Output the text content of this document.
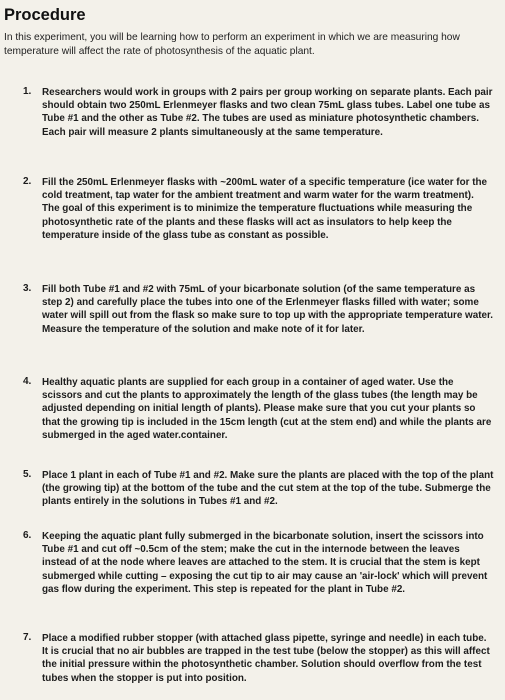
Procedure
In this experiment, you will be learning how to perform an experiment in which we are measuring how temperature will affect the rate of photosynthesis of the aquatic plant.
1.	Researchers would work in groups with 2 pairs per group working on separate plants. Each pair should obtain two 250mL Erlenmeyer flasks and two clean 75mL glass tubes. Label one tube as Tube #1 and the other as Tube #2. The tubes are used as miniature photosynthetic chambers. Each pair will measure 2 plants simultaneously at the same temperature.
2.	Fill the 250mL Erlenmeyer flasks with ~200mL water of a specific temperature (ice water for the cold treatment, tap water for the ambient treatment and warm water for the warm treatment). The goal of this experiment is to minimize the temperature fluctuations while measuring the photosynthetic rate of the plants and these flasks will act as insulators to help keep the temperature inside of the glass tube as constant as possible.
3.	Fill both Tube #1 and #2 with 75mL of your bicarbonate solution (of the same temperature as step 2) and carefully place the tubes into one of the Erlenmeyer flasks filled with water; some water will spill out from the flask so make sure to top up with the appropriate temperature water. Measure the temperature of the solution and make note of it for later.
4.	Healthy aquatic plants are supplied for each group in a container of aged water. Use the scissors and cut the plants to approximately the length of the glass tubes (the length may be adjusted depending on initial length of plants). Please make sure that you cut your plants so that the growing tip is included in the 15cm length (cut at the stem end) and while the plants are submerged in the aged water.container.
5.	Place 1 plant in each of Tube #1 and #2. Make sure the plants are placed with the top of the plant (the growing tip) at the bottom of the tube and the cut stem at the top of the tube. Submerge the plants entirely in the solutions in Tubes #1 and #2.
6.	Keeping the aquatic plant fully submerged in the bicarbonate solution, insert the scissors into Tube #1 and cut off ~0.5cm of the stem; make the cut in the internode between the leaves instead of at the node where leaves are attached to the stem. It is crucial that the stem is kept submerged while cutting – exposing the cut tip to air may cause an 'air-lock' which will prevent gas flow during the experiment. This step is repeated for the plant in Tube #2.
7.	Place a modified rubber stopper (with attached glass pipette, syringe and needle) in each tube. It is crucial that no air bubbles are trapped in the test tube (below the stopper) as this will affect the initial pressure within the photosynthetic chamber. Solution should overflow from the test tubes when the stopper is put into position.
